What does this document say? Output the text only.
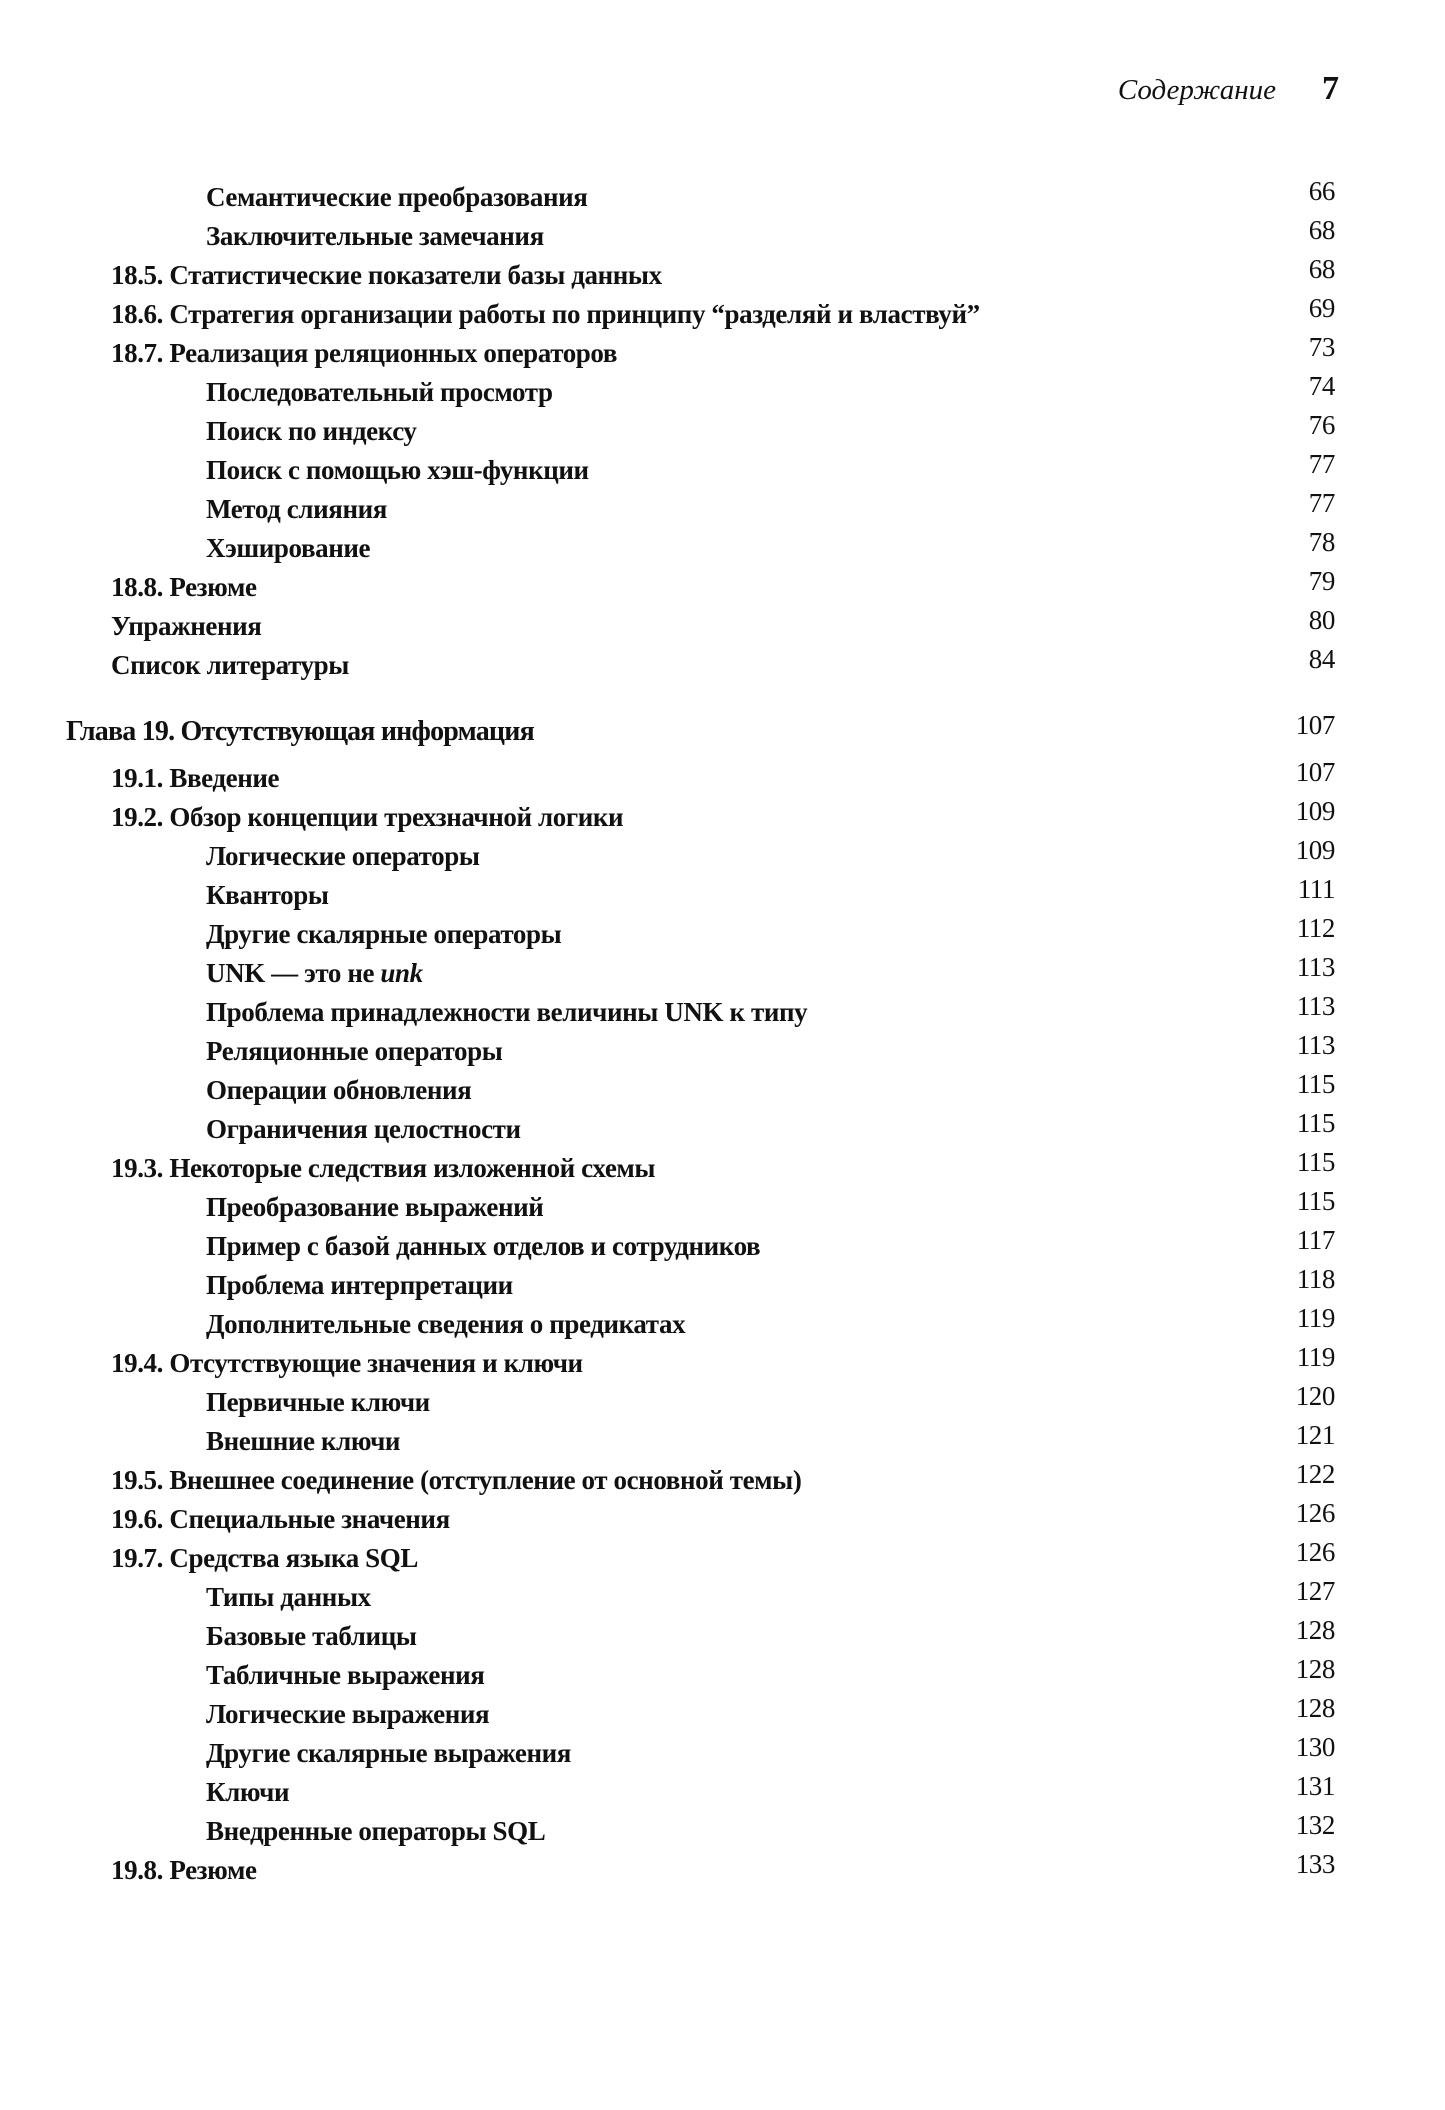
Содержание 7
Семантические преобразования	66
Заключительные замечания	68
18.5. Статистические показатели базы данных	68
18.6. Стратегия организации работы по принципу “разделяй и властвуй”	69
18.7. Реализация реляционных операторов	73
Последовательный просмотр	74
Поиск по индексу	76
Поиск с помощью хэш-функции	77
Метод слияния	77
Хэширование	78
18.8. Резюме	79
Упражнения	80
Список литературы	84
Глава 19. Отсутствующая информация	107
19.1. Введение	107
19.2. Обзор концепции трехзначной логики	109
Логические операторы	109
Кванторы	111
Другие скалярные операторы	112
UNK — это не unk	113
Проблема принадлежности величины UNK к типу	113
Реляционные операторы	113
Операции обновления	115
Ограничения целостности	115
19.3. Некоторые следствия изложенной схемы	115
Преобразование выражений	115
Пример с базой данных отделов и сотрудников	117
Проблема интерпретации	118
Дополнительные сведения о предикатах	119
19.4. Отсутствующие значения и ключи	119
Первичные ключи	120
Внешние ключи	121
19.5. Внешнее соединение (отступление от основной темы)	122
19.6. Специальные значения	126
19.7. Средства языка SQL	126
Типы данных	127
Базовые таблицы	128
Табличные выражения	128
Логические выражения	128
Другие скалярные выражения	130
Ключи	131
Внедренные операторы SQL	132
19.8. Резюме	133
